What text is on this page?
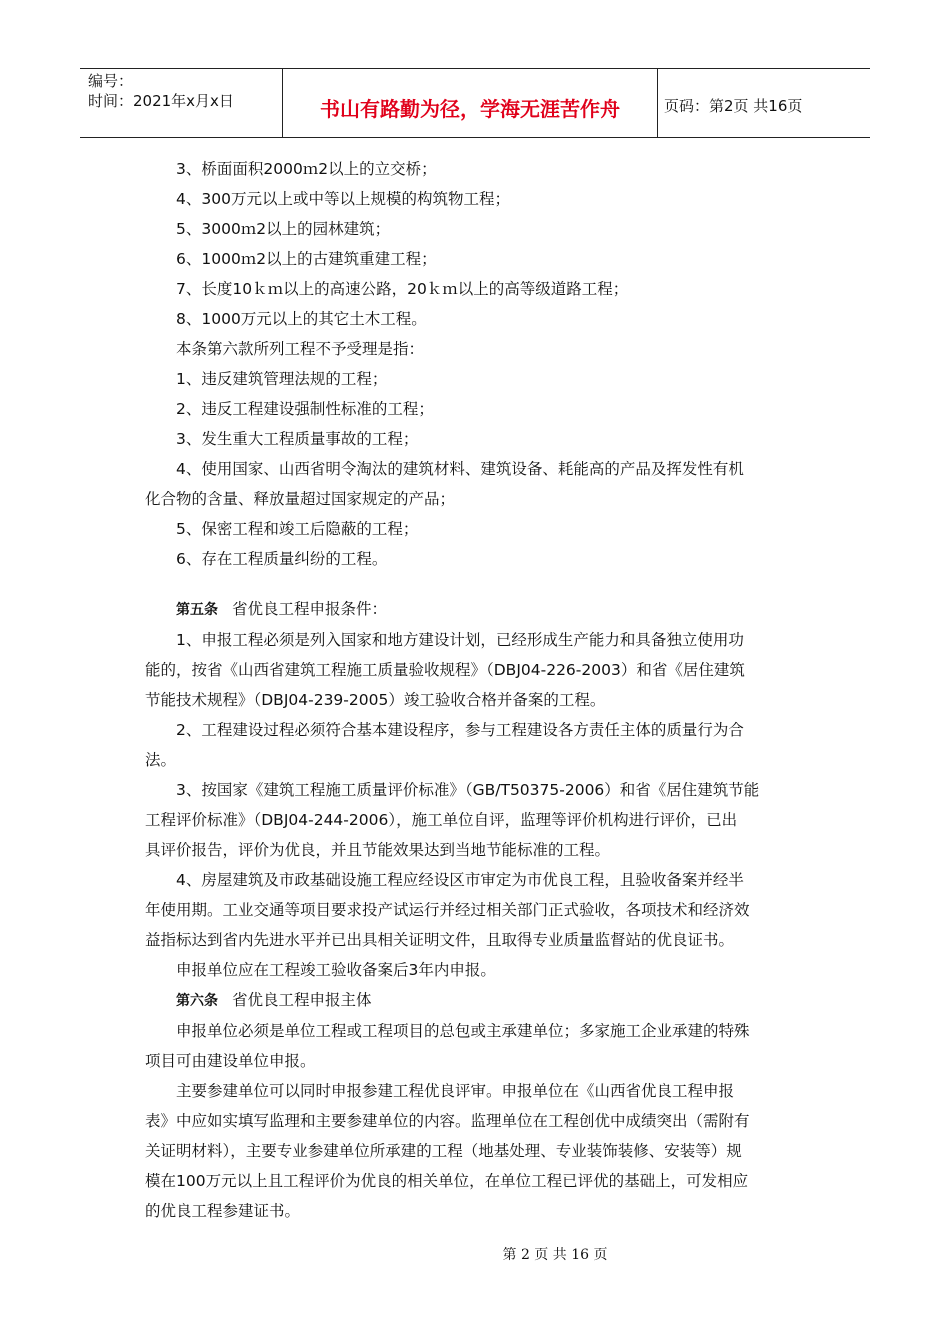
编号：
时间：2021年x月x日	书山有路勤为径，学海无涯苦作舟	页码：第2页 共16页

3、桥面面积2000ｍ2以上的立交桥；

4、300万元以上或中等以上规模的构筑物工程；

5、3000ｍ2以上的园林建筑；

6、1000ｍ2以上的古建筑重建工程；

7、长度10ｋｍ以上的高速公路，20ｋｍ以上的高等级道路工程；

8、1000万元以上的其它土木工程。

本条第六款所列工程不予受理是指：

1、违反建筑管理法规的工程；

2、违反工程建设强制性标准的工程；

3、发生重大工程质量事故的工程；

4、使用国家、山西省明令淘汰的建筑材料、建筑设备、耗能高的产品及挥发性有机

化合物的含量、释放量超过国家规定的产品；

5、保密工程和竣工后隐蔽的工程；

6、存在工程质量纠纷的工程。

第五条 省优良工程申报条件：

1、申报工程必须是列入国家和地方建设计划，已经形成生产能力和具备独立使用功

能的，按省《山西省建筑工程施工质量验收规程》（DBJ04-226-2003）和省《居住建筑

节能技术规程》（DBJ04-239-2005）竣工验收合格并备案的工程。

2、工程建设过程必须符合基本建设程序，参与工程建设各方责任主体的质量行为合

法。

3、按国家《建筑工程施工质量评价标准》（GB/T50375-2006）和省《居住建筑节能

工程评价标准》（DBJ04-244-2006），施工单位自评，监理等评价机构进行评价，已出

具评价报告，评价为优良，并且节能效果达到当地节能标准的工程。

4、房屋建筑及市政基础设施工程应经设区市审定为市优良工程，且验收备案并经半

年使用期。工业交通等项目要求投产试运行并经过相关部门正式验收，各项技术和经济效

益指标达到省内先进水平并已出具相关证明文件，且取得专业质量监督站的优良证书。

申报单位应在工程竣工验收备案后3年内申报。

第六条 省优良工程申报主体

申报单位必须是单位工程或工程项目的总包或主承建单位；多家施工企业承建的特殊

项目可由建设单位申报。

主要参建单位可以同时申报参建工程优良评审。申报单位在《山西省优良工程申报

表》中应如实填写监理和主要参建单位的内容。监理单位在工程创优中成绩突出（需附有

关证明材料），主要专业参建单位所承建的工程（地基处理、专业装饰装修、安装等）规

模在100万元以上且工程评价为优良的相关单位，在单位工程已评优的基础上，可发相应

的优良工程参建证书。

第 2 页 共 16 页
